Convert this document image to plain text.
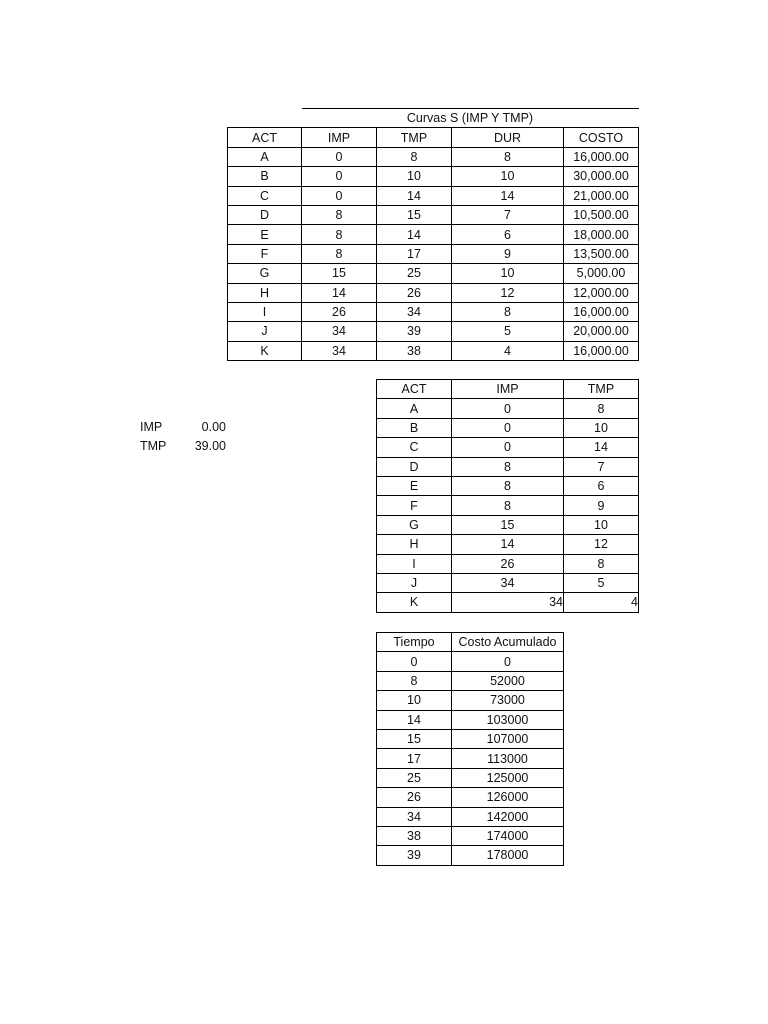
	Curvas S (IMP Y TMP)			
ACT	IMP	TMP	DUR	COSTO
A	0	8	8	16,000.00
B	0	10	10	30,000.00
C	0	14	14	21,000.00
D	8	15	7	10,500.00
E	8	14	6	18,000.00
F	8	17	9	13,500.00
G	15	25	10	5,000.00
H	14	26	12	12,000.00
I	26	34	8	16,000.00
J	34	39	5	20,000.00
K	34	38	4	16,000.00
IMP	0.00
TMP 39.00
ACT	IMP	TMP
A	0	8
B	0	10
C	0	14
D	8	7
E	8	6
F	8	9
G	15	10
H	14	12
I	26	8
J	34	5
K	34	4
Tiempo	Costo Acumulado
0	0
8	52000
10	73000
14	103000
15	107000
17	113000
25	125000
26	126000
34	142000
38	174000
39	178000
